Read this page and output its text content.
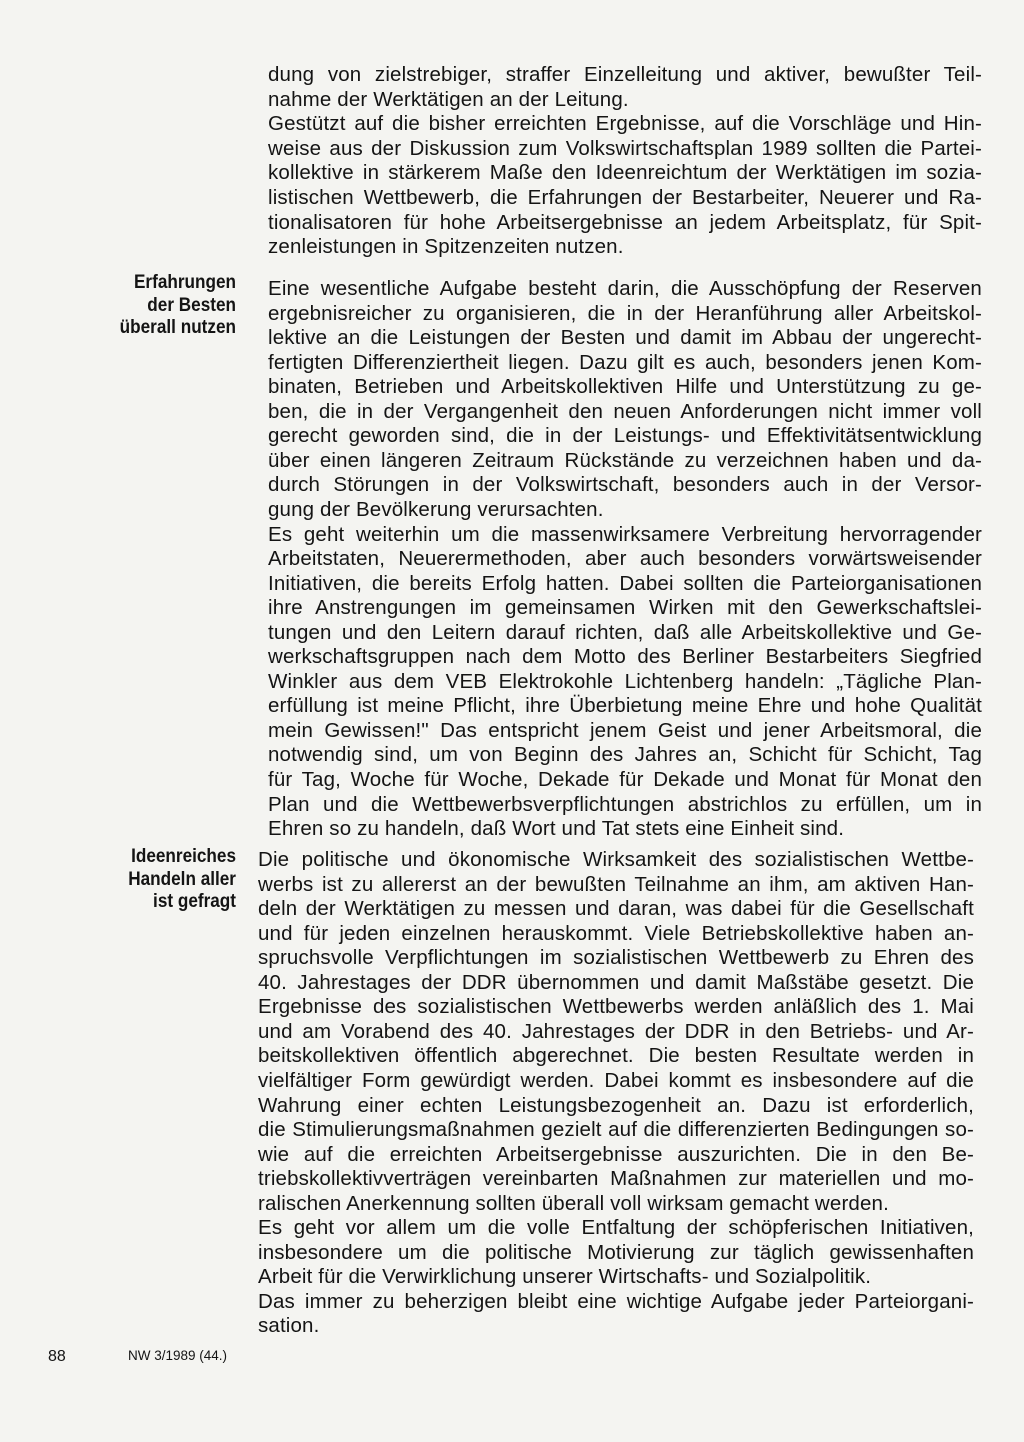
dung von zielstrebiger, straffer Einzelleitung und aktiver, bewußter Teil-
nahme der Werktätigen an der Leitung.
Gestützt auf die bisher erreichten Ergebnisse, auf die Vorschläge und Hin-
weise aus der Diskussion zum Volkswirtschaftsplan 1989 sollten die Partei-
kollektive in stärkerem Maße den Ideenreichtum der Werktätigen im sozia-
listischen Wettbewerb, die Erfahrungen der Bestarbeiter, Neuerer und Ra-
tionalisatoren für hohe Arbeitsergebnisse an jedem Arbeitsplatz, für Spit-
zenleistungen in Spitzenzeiten nutzen.
Erfahrungen
der Besten
überall nutzen
Eine wesentliche Aufgabe besteht darin, die Ausschöpfung der Reserven
ergebnisreicher zu organisieren, die in der Heranführung aller Arbeitskol-
lektive an die Leistungen der Besten und damit im Abbau der ungerecht-
fertigten Differenziertheit liegen. Dazu gilt es auch, besonders jenen Kom-
binaten, Betrieben und Arbeitskollektiven Hilfe und Unterstützung zu ge-
ben, die in der Vergangenheit den neuen Anforderungen nicht immer voll
gerecht geworden sind, die in der Leistungs- und Effektivitätsentwicklung
über einen längeren Zeitraum Rückstände zu verzeichnen haben und da-
durch Störungen in der Volkswirtschaft, besonders auch in der Versor-
gung der Bevölkerung verursachten.
Es geht weiterhin um die massenwirksamere Verbreitung hervorragender
Arbeitstaten, Neuerermethoden, aber auch besonders vorwärtsweisender
Initiativen, die bereits Erfolg hatten. Dabei sollten die Parteiorganisationen
ihre Anstrengungen im gemeinsamen Wirken mit den Gewerkschaftslei-
tungen und den Leitern darauf richten, daß alle Arbeitskollektive und Ge-
werkschaftsgruppen nach dem Motto des Berliner Bestarbeiters Siegfried
Winkler aus dem VEB Elektrokohle Lichtenberg handeln: „Tägliche Plan-
erfüllung ist meine Pflicht, ihre Überbietung meine Ehre und hohe Qualität
mein Gewissen!" Das entspricht jenem Geist und jener Arbeitsmoral, die
notwendig sind, um von Beginn des Jahres an, Schicht für Schicht, Tag
für Tag, Woche für Woche, Dekade für Dekade und Monat für Monat den
Plan und die Wettbewerbsverpflichtungen abstrichlos zu erfüllen, um in
Ehren so zu handeln, daß Wort und Tat stets eine Einheit sind.
Ideenreiches
Handeln aller
ist gefragt
Die politische und ökonomische Wirksamkeit des sozialistischen Wettbe-
werbs ist zu allererst an der bewußten Teilnahme an ihm, am aktiven Han-
deln der Werktätigen zu messen und daran, was dabei für die Gesellschaft
und für jeden einzelnen herauskommt. Viele Betriebskollektive haben an-
spruchsvolle Verpflichtungen im sozialistischen Wettbewerb zu Ehren des
40. Jahrestages der DDR übernommen und damit Maßstäbe gesetzt. Die
Ergebnisse des sozialistischen Wettbewerbs werden anläßlich des 1. Mai
und am Vorabend des 40. Jahrestages der DDR in den Betriebs- und Ar-
beitskollektiven öffentlich abgerechnet. Die besten Resultate werden in
vielfältiger Form gewürdigt werden. Dabei kommt es insbesondere auf die
Wahrung einer echten Leistungsbezogenheit an. Dazu ist erforderlich,
die Stimulierungsmaßnahmen gezielt auf die differenzierten Bedingungen so-
wie auf die erreichten Arbeitsergebnisse auszurichten. Die in den Be-
triebskollektivverträgen vereinbarten Maßnahmen zur materiellen und mo-
ralischen Anerkennung sollten überall voll wirksam gemacht werden.
Es geht vor allem um die volle Entfaltung der schöpferischen Initiativen,
insbesondere um die politische Motivierung zur täglich gewissenhaften
Arbeit für die Verwirklichung unserer Wirtschafts- und Sozialpolitik.
Das immer zu beherzigen bleibt eine wichtige Aufgabe jeder Parteiorgani-
sation.
88	NW 3/1989 (44.)
